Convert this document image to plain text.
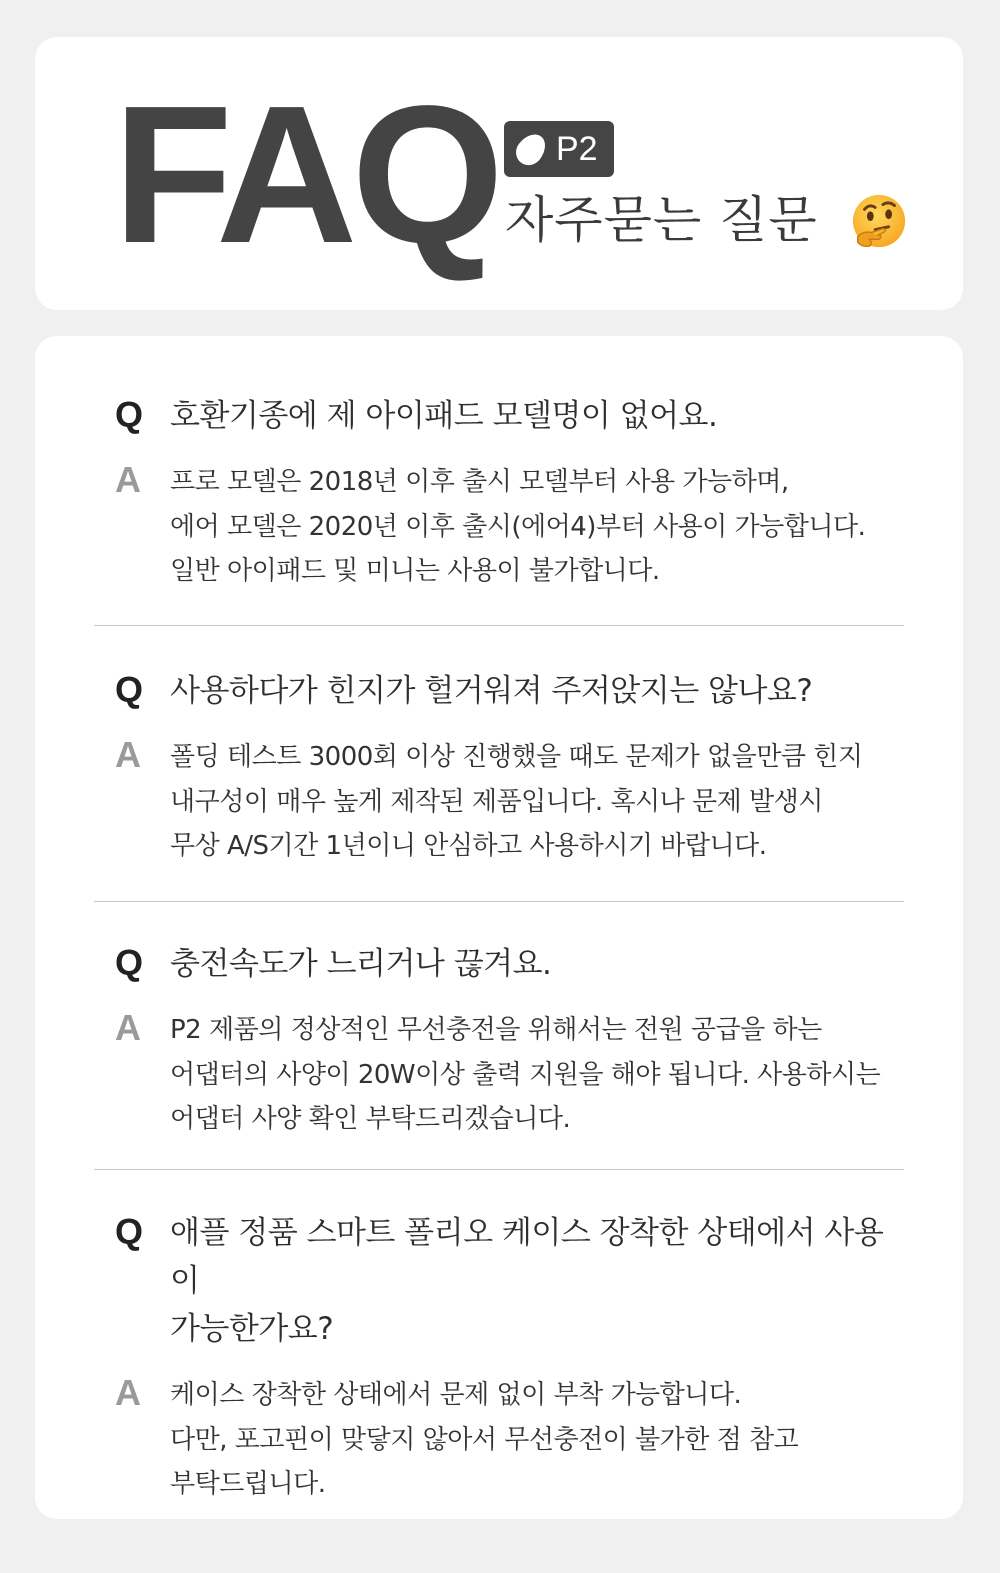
FAQ P2
자주묻는 질문
Q 호환기종에 제 아이패드 모델명이 없어요.
A	프로 모델은 2018년 이후 출시 모델부터 사용 가능하며,
에어 모델은 2020년 이후 출시(에어4)부터 사용이 가능합니다.
일반 아이패드 및 미니는 사용이 불가합니다.
Q 사용하다가 힌지가 헐거워져 주저앉지는 않나요?
A	폴딩 테스트 3000회 이상 진행했을 때도 문제가 없을만큼 힌지
내구성이 매우 높게 제작된 제품입니다. 혹시나 문제 발생시
무상 A/S기간 1년이니 안심하고 사용하시기 바랍니다.
Q 충전속도가 느리거나 끊겨요.
A	P2 제품의 정상적인 무선충전을 위해서는 전원 공급을 하는
어댑터의 사양이 20W이상 출력 지원을 해야 됩니다. 사용하시는
어댑터 사양 확인 부탁드리겠습니다.
Q 애플 정품 스마트 폴리오 케이스 장착한 상태에서 사용이
가능한가요?
A	케이스 장착한 상태에서 문제 없이 부착 가능합니다.
다만, 포고핀이 맞닿지 않아서 무선충전이 불가한 점 참고
부탁드립니다.
